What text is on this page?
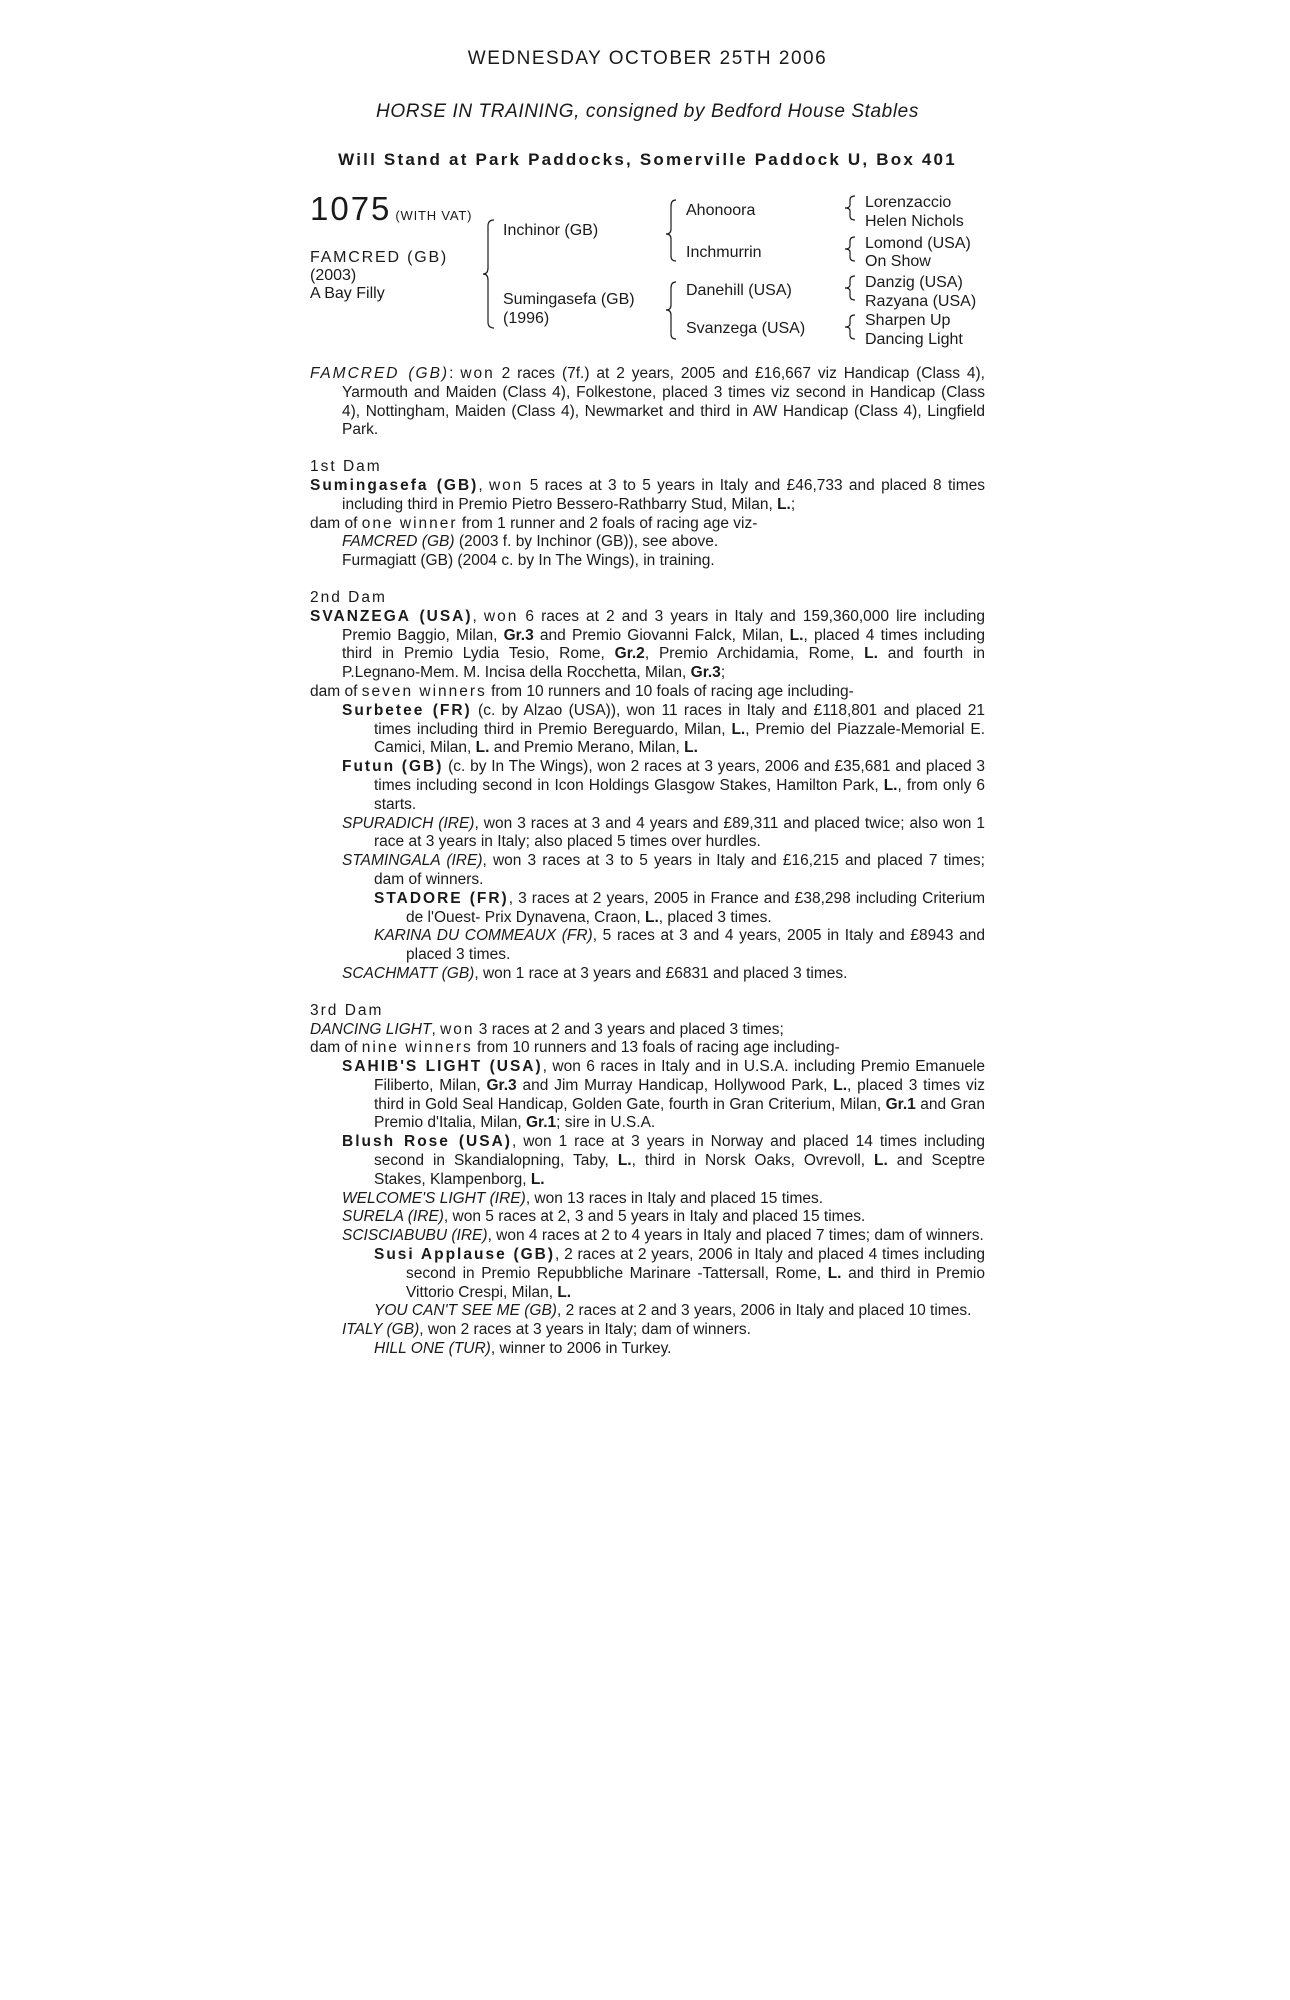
WEDNESDAY OCTOBER 25TH 2006
HORSE IN TRAINING, consigned by Bedford House Stables
Will Stand at Park Paddocks, Somerville Paddock U, Box 401
1075 (WITH VAT)
FAMCRED (GB)
(2003)
A Bay Filly
Inchinor (GB)
Sumingasefa (GB)
(1996)
Ahonoora
Inchmurrin
Danehill (USA)
Svanzega (USA)
Lorenzaccio
Helen Nichols
Lomond (USA)
On Show
Danzig (USA)
Razyana (USA)
Sharpen Up
Dancing Light

FAMCRED (GB): won 2 races (7f.) at 2 years, 2005 and £16,667 viz Handicap (Class 4), Yarmouth and Maiden (Class 4), Folkestone, placed 3 times viz second in Handicap (Class 4), Nottingham, Maiden (Class 4), Newmarket and third in AW Handicap (Class 4), Lingfield Park.

1st Dam

Sumingasefa (GB), won 5 races at 3 to 5 years in Italy and £46,733 and placed 8 times including third in Premio Pietro Bessero-Rathbarry Stud, Milan, L.;

dam of one winner from 1 runner and 2 foals of racing age viz-

FAMCRED (GB) (2003 f. by Inchinor (GB)), see above.

Furmagiatt (GB) (2004 c. by In The Wings), in training.

2nd Dam

SVANZEGA (USA), won 6 races at 2 and 3 years in Italy and 159,360,000 lire including Premio Baggio, Milan, Gr.3 and Premio Giovanni Falck, Milan, L., placed 4 times including third in Premio Lydia Tesio, Rome, Gr.2, Premio Archidamia, Rome, L. and fourth in P.Legnano-Mem. M. Incisa della Rocchetta, Milan, Gr.3;

dam of seven winners from 10 runners and 10 foals of racing age including-

Surbetee (FR) (c. by Alzao (USA)), won 11 races in Italy and £118,801 and placed 21 times including third in Premio Bereguardo, Milan, L., Premio del Piazzale-Memorial E. Camici, Milan, L. and Premio Merano, Milan, L.

Futun (GB) (c. by In The Wings), won 2 races at 3 years, 2006 and £35,681 and placed 3 times including second in Icon Holdings Glasgow Stakes, Hamilton Park, L., from only 6 starts.

SPURADICH (IRE), won 3 races at 3 and 4 years and £89,311 and placed twice; also won 1 race at 3 years in Italy; also placed 5 times over hurdles.

STAMINGALA (IRE), won 3 races at 3 to 5 years in Italy and £16,215 and placed 7 times; dam of winners.

STADORE (FR), 3 races at 2 years, 2005 in France and £38,298 including Criterium de l'Ouest- Prix Dynavena, Craon, L., placed 3 times.

KARINA DU COMMEAUX (FR), 5 races at 3 and 4 years, 2005 in Italy and £8943 and placed 3 times.

SCACHMATT (GB), won 1 race at 3 years and £6831 and placed 3 times.

3rd Dam

DANCING LIGHT, won 3 races at 2 and 3 years and placed 3 times;

dam of nine winners from 10 runners and 13 foals of racing age including-

SAHIB'S LIGHT (USA), won 6 races in Italy and in U.S.A. including Premio Emanuele Filiberto, Milan, Gr.3 and Jim Murray Handicap, Hollywood Park, L., placed 3 times viz third in Gold Seal Handicap, Golden Gate, fourth in Gran Criterium, Milan, Gr.1 and Gran Premio d'Italia, Milan, Gr.1; sire in U.S.A.

Blush Rose (USA), won 1 race at 3 years in Norway and placed 14 times including second in Skandialopning, Taby, L., third in Norsk Oaks, Ovrevoll, L. and Sceptre Stakes, Klampenborg, L.

WELCOME'S LIGHT (IRE), won 13 races in Italy and placed 15 times.

SURELA (IRE), won 5 races at 2, 3 and 5 years in Italy and placed 15 times.

SCISCIABUBU (IRE), won 4 races at 2 to 4 years in Italy and placed 7 times; dam of winners.

Susi Applause (GB), 2 races at 2 years, 2006 in Italy and placed 4 times including second in Premio Repubbliche Marinare -Tattersall, Rome, L. and third in Premio Vittorio Crespi, Milan, L.

YOU CAN'T SEE ME (GB), 2 races at 2 and 3 years, 2006 in Italy and placed 10 times.

ITALY (GB), won 2 races at 3 years in Italy; dam of winners.

HILL ONE (TUR), winner to 2006 in Turkey.
